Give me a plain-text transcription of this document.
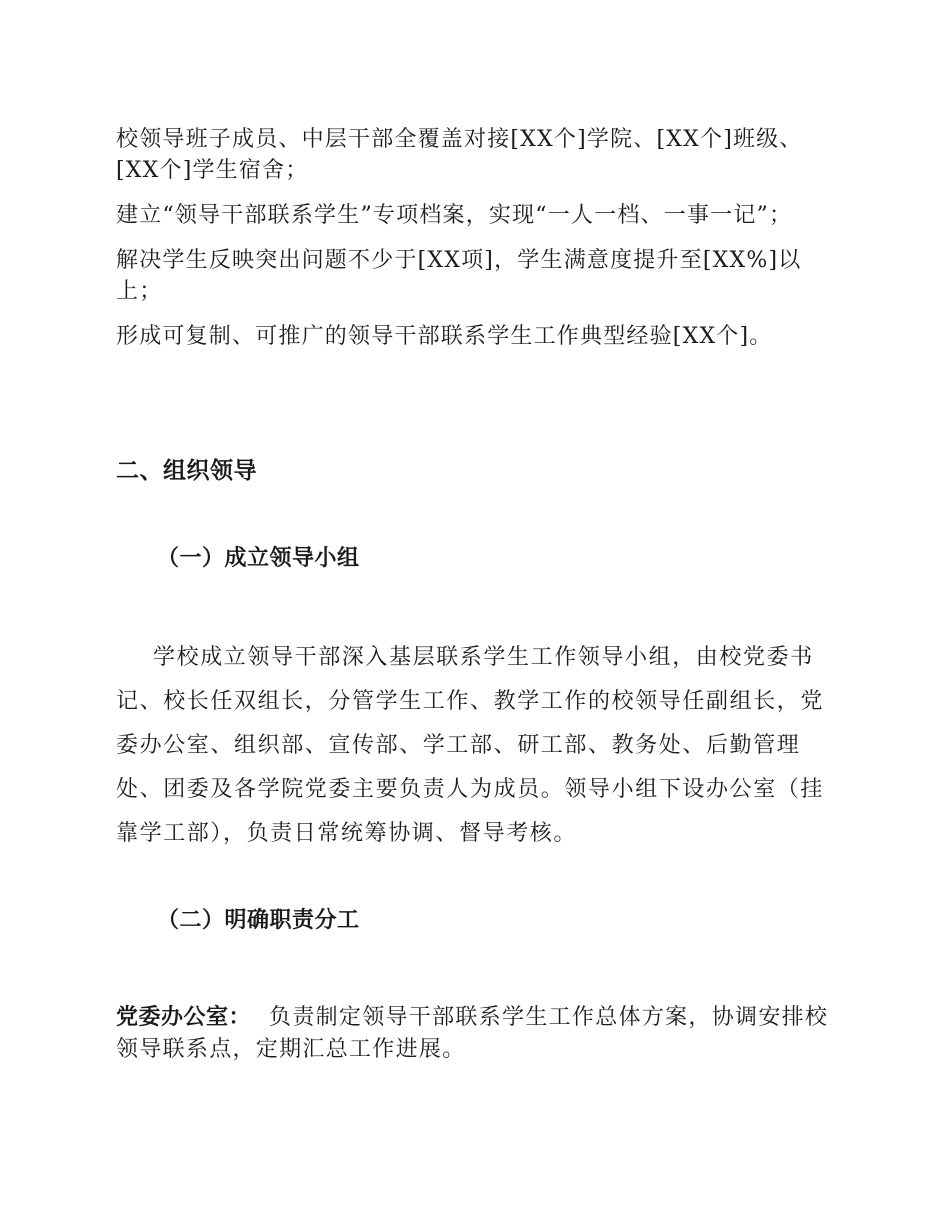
校领导班子成员、中层干部全覆盖对接[XX个]学院、[XX个]班级、[XX个]学生宿舍；

建立“领导干部联系学生”专项档案，实现“一人一档、一事一记”；

解决学生反映突出问题不少于[XX项]，学生满意度提升至[XX%]以上；

形成可复制、可推广的领导干部联系学生工作典型经验[XX个]。

二、组织领导
（一）成立领导小组

学校成立领导干部深入基层联系学生工作领导小组，由校党委书记、校长任双组长，分管学生工作、教学工作的校领导任副组长，党委办公室、组织部、宣传部、学工部、研工部、教务处、后勤管理处、团委及各学院党委主要负责人为成员。领导小组下设办公室（挂靠学工部），负责日常统筹协调、督导考核。

（二）明确职责分工

党委办公室： 负责制定领导干部联系学生工作总体方案，协调安排校领导联系点，定期汇总工作进展。
